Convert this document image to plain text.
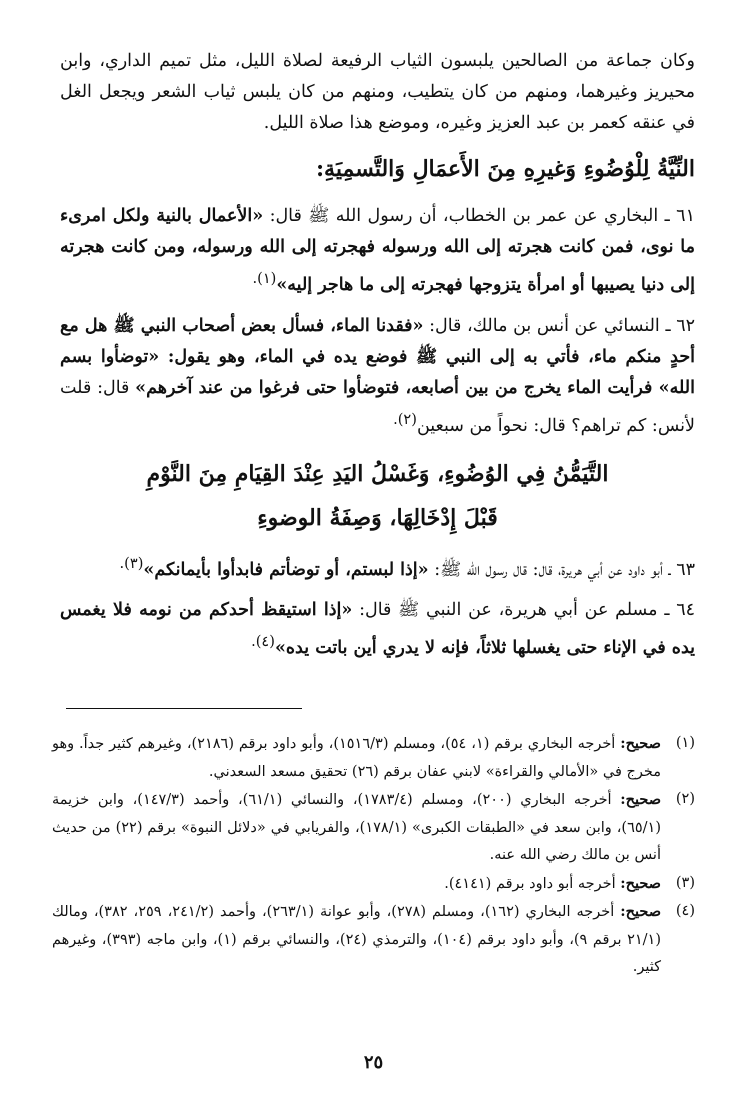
وكان جماعة من الصالحين يلبسون الثياب الرفيعة لصلاة الليل، مثل تميم الداري، وابن محيريز وغيرهما، ومنهم من كان يتطيب، ومنهم من كان يلبس ثياب الشعر ويجعل الغل في عنقه كعمر بن عبد العزيز وغيره، وموضع هذا صلاة الليل.

النِّيَّةُ لِلْوُضُوءِ وَغيرِهِ مِنَ الأَعمَالِ وَالتَّسمِيَةِ:

٦١ ـ البخاري عن عمر بن الخطاب، أن رسول الله ﷺ قال: «الأعمال بالنية ولكل امرىء ما نوى، فمن كانت هجرته إلى الله ورسوله فهجرته إلى الله ورسوله، ومن كانت هجرته إلى دنيا يصيبها أو امرأة يتزوجها فهجرته إلى ما هاجر إليه»$^{(١).}$

٦٢ ـ النسائي عن أنس بن مالك، قال: «فقدنا الماء، فسأل بعض أصحاب النبي ﷺ هل مع أحدٍ منكم ماء، فأتي به إلى النبي ﷺ فوضع يده في الماء، وهو يقول: «توضأوا بسم الله» فرأيت الماء يخرج من بين أصابعه، فتوضأوا حتى فرغوا من عند آخرهم» قال: قلت لأنس: كم تراهم؟ قال: نحواً من سبعين$^{(٢).}$

التَّيَمُّنُ فِي الوُضُوءِ، وَغَسْلُ اليَدِ عِنْدَ القِيَامِ مِنَ النَّوْمِ
قَبْلَ إِدْخَالِهَا، وَصِفَةُ الوضوءِ

٦٣ ـ أبو داود عن أبي هريرة، قال: قال رسول الله ﷺ: «إذا لبستم، أو توضأتم فابدأوا بأيمانكم»$^{(٣).}$

٦٤ ـ مسلم عن أبي هريرة، عن النبي ﷺ قال: «إذا استيقظ أحدكم من نومه فلا يغمس يده في الإناء حتى يغسلها ثلاثاً، فإنه لا يدري أين باتت يده»$^{(٤).}$

(١)
صحيح: أخرجه البخاري برقم (١، ٥٤)، ومسلم (١٥١٦/٣)، وأبو داود برقم (٢١٨٦)، وغيرهم كثير جداً. وهو مخرج في «الأمالي والقراءة» لابني عفان برقم (٢٦) تحقيق مسعد السعدني.
(٢)
صحيح: أخرجه البخاري (٢٠٠)، ومسلم (١٧٨٣/٤)، والنسائي (٦١/١)، وأحمد (١٤٧/٣)، وابن خزيمة (٦٥/١)، وابن سعد في «الطبقات الكبرى» (١٧٨/١)، والفريابي في «دلائل النبوة» برقم (٢٢) من حديث أنس بن مالك رضي الله عنه.
(٣)
صحيح: أخرجه أبو داود برقم (٤١٤١).
(٤)
صحيح: أخرجه البخاري (١٦٢)، ومسلم (٢٧٨)، وأبو عوانة (٢٦٣/١)، وأحمد (٢٤١/٢، ٢٥٩، ٣٨٢)، ومالك (٢١/١ برقم ٩)، وأبو داود برقم (١٠٤)، والترمذي (٢٤)، والنسائي برقم (١)، وابن ماجه (٣٩٣)، وغيرهم كثير.
٢٥
